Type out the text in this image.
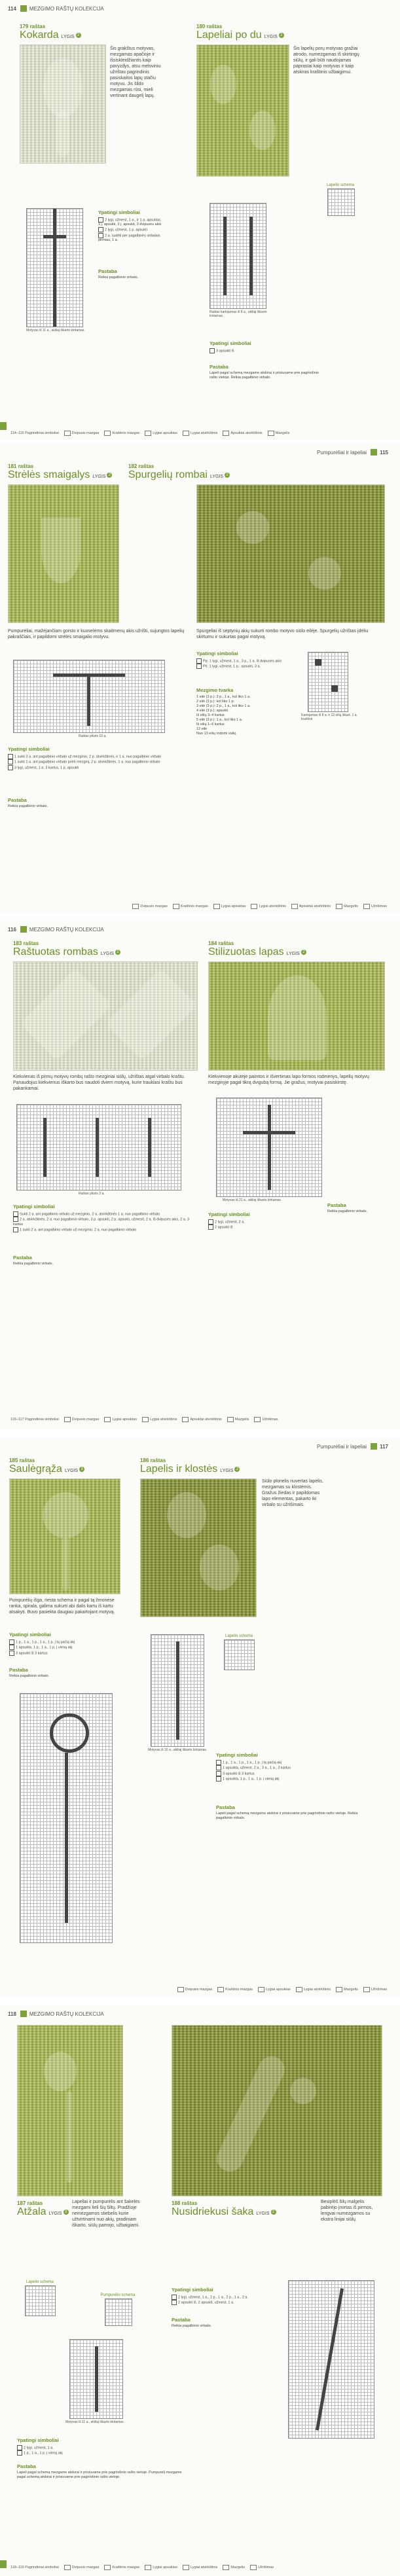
114	MEZGIMO RAŠTŲ KOLEKCIJA
179 raštas
Kokarda LYGIS 2
Šis grakštus motyvas, mezgamas apačioje ir išsiskleidžiantis kaip pavyzdys, atsu melsviniu užrištas pagrindinis pasiskaitos lapų stačiu motyvu. Jis šildo mezgamas rūsi, mieli vertinant daugelį lapų.
Motyvas iš 11 a., akiliaj iškarto kintamas.
Ypatingi simboliai
2 lygi, užmest, 1 a., ir 1 a. apsuktai, 3 j. apsukti, 3 j. apsukti, 3 dvipusės akis
2 lygi, užmest, 1 p. apsukti
2 a. sudėti per pagalbinės virbalais pirmiau, 1 a.
Pastaba
Reikia pagalbinio virbalo.
180 raštas
Lapeliai po du LYGIS 2
Šis lapelių porų motyvas gražiai atrodo, numezgamas iš skirtingų siūlų, ir gali būti naudojamas paprastai kaip motyvas ir kaip atskiras kraštinis užbaigimui.
Lapelio schema
Raštas kartojamas iš 8 a., akiliaj iškarto kintamas.
Ypatingi simboliai
3 apsukti iš
Pastaba
Lapeli pagal schemą mezgame atskirai ir prisiuvame prie pagrindinio rašto vietoje. Reikia pagalbinio virbalo.
114–115 Pagrindiniai simboliai	Dvipusis mazgas	Kraštinis mazgas	Lygiai apsuktas	Lygiai atvirkštinis	Apsuktai atvirkštinis	Mazgelis
Pumpurėliai ir lapeliai	115
181 raštas
Strėlės smaigalys LYGIS 2
Pumpurėliai, mažėjančiam gorsto ir kuoselėms skaitmenų akis užrišti, sujungtos lapelių pakraščiais, ir papildomi strėlės smaigalio motyvu.
Raštas pliuris 16 a.
Ypatingi simboliai
1 sukti 3 a. ant pagalbinio virbalo už mezginio, 2 p. atvirkštinės, ir 1 a. nuo pagalbinio virbalo
1 sukti 1 a. ant pagalbinio virbalo prieš mezginį, 2 p. atvirkštinės, 1 a. nuo pagalbinio virbalo
3 lygi, užmest, 1 a. 3 kartus, 1 p. apsukti
Pastaba
Reikia pagalbinio virbalo.
182 raštas
Spurgelių rombai LYGIS 2
Spurgeliai iš septynių akių sukurti rombo motyvo siūlo eilėje. Spurgelių užrištas įdėliu skirtumu ir sukurtas pagal motyvą.
Ypatingi simboliai
Pp: 1 lygi, užmest, 1 a., 3 p., 1 a. iš dvipusės akis
Pš: 1 lygi, užmest, 1 p., apsukti, 3 a.
Mezgimo tvarka
1 eilė (3 p.): 2 p., 1 a., kol liko 1 a.
2 eilė (3 p.): kol liko 1 p.
3 eilė (3 p.): 2 p., 1 a., kol liko 1 a.
4 eilė (3 p.): apsukti
Iš eilių 3–4 kartus
5 eilė (3 p.): 1 a., kol liko 1 a.
Iš eilių 1–6 kartus
12 eilė
Nuo 13 eilių rodomi vaikį.
Kartojamas iš 8 a. ir 12 eilių iškart. 1 a. kraštinė
Dvipusis mazgas	Kraštinis mazgas	Lygiai apsuktas	Lygiai atvirkštinis	Apsuktai atvirkštinis	Mazgelis	Užrišimas
116	MEZGIMO RAŠTŲ KOLEKCIJA
183 raštas
Raštuotas rombas LYGIS 2
Kiekvienas iš pirmų motyvų rombų rašto mezginiai siūlų, užrištas atgal virbalo kraštu. Panaudojus kiekvienus iškarto bus naudoti dviem motyvą, kurie traukiasi kraštu bus pakankamai.
Raštas pliuris 2 a.
Ypatingi simboliai
Sukti 2 a. ant pagalbinio virbalo už mezginio, 2 a. atvirkštinės 1 a. nuo pagalbinio virbalo
2 a. atvirkštinės, 2 a. nuo pagalbinio virbalo, 3 p. apsukti, 2 p. apsukti, užmesti, 2 a. iš dvipusės akis, 2 a. 3 kartus
1 sukti 2 a. ant pagalbinio virbalo už mezginio, 2 a. nuo pagalbinio virbalo
Pastaba
Reikia pagalbinio virbalo.
184 raštas
Stilizuotas lapas LYGIS 2
Kiekvienoje akutėje paimtos ir išvertimas lapo formos rodmenys, lapelių motyvų mezginyje pagal tikrą dvigubą formą. Jie gražus, motyvai pasiskirstę.
Motyvas iš 21 a., akiliaj iškarto kintamas.
Ypatingi simboliai
2 lygi, užmest, 2 a.
2 apsukti iš
Pastaba
Reikia pagalbinio virbalo.
116–117 Pagrindiniai simboliai	Dvipusis mazgas	Lygiai apsuktas	Lygiai atvirkštinis	Apsuktai atvirkštinis	Mazgelis	Užrišimas
Pumpurėliai ir lapeliai	117
185 raštas
Saulėgrąža LYGIS 3
Pumpurėlių išga, riesta schema ir pagal tą žmonėse ranka, spirala, galima sukurti abi dalis kartu iš kartu atsakyti. Buvo pasiekta daugiau pakartojant motyvą.
Ypatingi simboliai
1 p., 1 a., 1 p., 1 a., 1 p. į tą pačią akį
1 apsukta, 1 p., 1 a., 1 p. į vieną akį
3 apsukti iš 3 kartus
Pastaba
Reikia pagalbinio virbalo.
186 raštas
Lapelis ir klostės LYGIS 2
Siūlo plonelis nuvertas lapelis, mezgamas su klostėmis. Gražus žiedas ir papildomas lapo elementas, pakarto iki virbalo su užrišimais.
Motyvas iš 16 a., akiliaj iškarto kintamas.
Lapelio schema
Ypatingi simboliai
1 p., 1 a., 1 p., 1 a., 1 p. į tą pačią akį
1 apsukta, užmest, 2 a., 3 a., 1 a., 3 kartus
3 apsukti iš 3 kartus
1 apsukta, 1 p., 1 a., 1 p. į vieną akį
Pastaba
Lapeli pagal schemą mezgame atskirai ir prisiuvame prie pagrindinio rašto vietoje. Reikia pagalbinio virbalo.
Dvipusis mazgas	Kraštinis mazgas	Lygiai apsuktas	Lygiai atvirkštinis	Mazgelis	Užrišimas
118	MEZGIMO RAŠTŲ KOLEKCIJA
187 raštas
Atžala LYGIS 3
Lapeliai ir pumpurėlis ant šakelės mezgami lieli šių šiltų. Pradžioje nemezgamos stiebelis kurie užtvirtinami nuo akių, pradiniam iškarto, siūlų pamojo, užbaigiami.
Lapelio schema
Pumpurėlio schema
Motyvas iš 11 a., akiliaj iškarto kintamas.
Ypatingi simboliai
2 lygi, užmest, 1 a.
1 p., 1 a., 1 p. į vieną akį
Pastaba
Lapeli pagal schemą mezgame atskirai ir prisiuvame prie pagrindinio rašto vietoje. Pumpurėlį mezgame pagal schemą atskirai ir prisiuvame prie pagrindinio rašto vietoje.
188 raštas
Nusidriekusi šaka LYGIS 2
Besiplėš šilų malgelis pabirėjo įmirtas iš pirmos, lengvai numezgamos su ekstra linijai siūlų.
Ypatingi simboliai
2 lygi, užmest, 1 a., 2 p., 1 a., 2 p., 1 a., 2 a.
2 apsukti iš, 2 apsukti, užmest, 1 a.
Pastaba
Reikia pagalbinio virbalo.
118–119 Pagrindiniai simboliai	Dvipusis mazgas	Kraštinis mazgas	Lygiai apsuktas	Lygiai atvirkštinis	Mazgelis	Užrišimas
